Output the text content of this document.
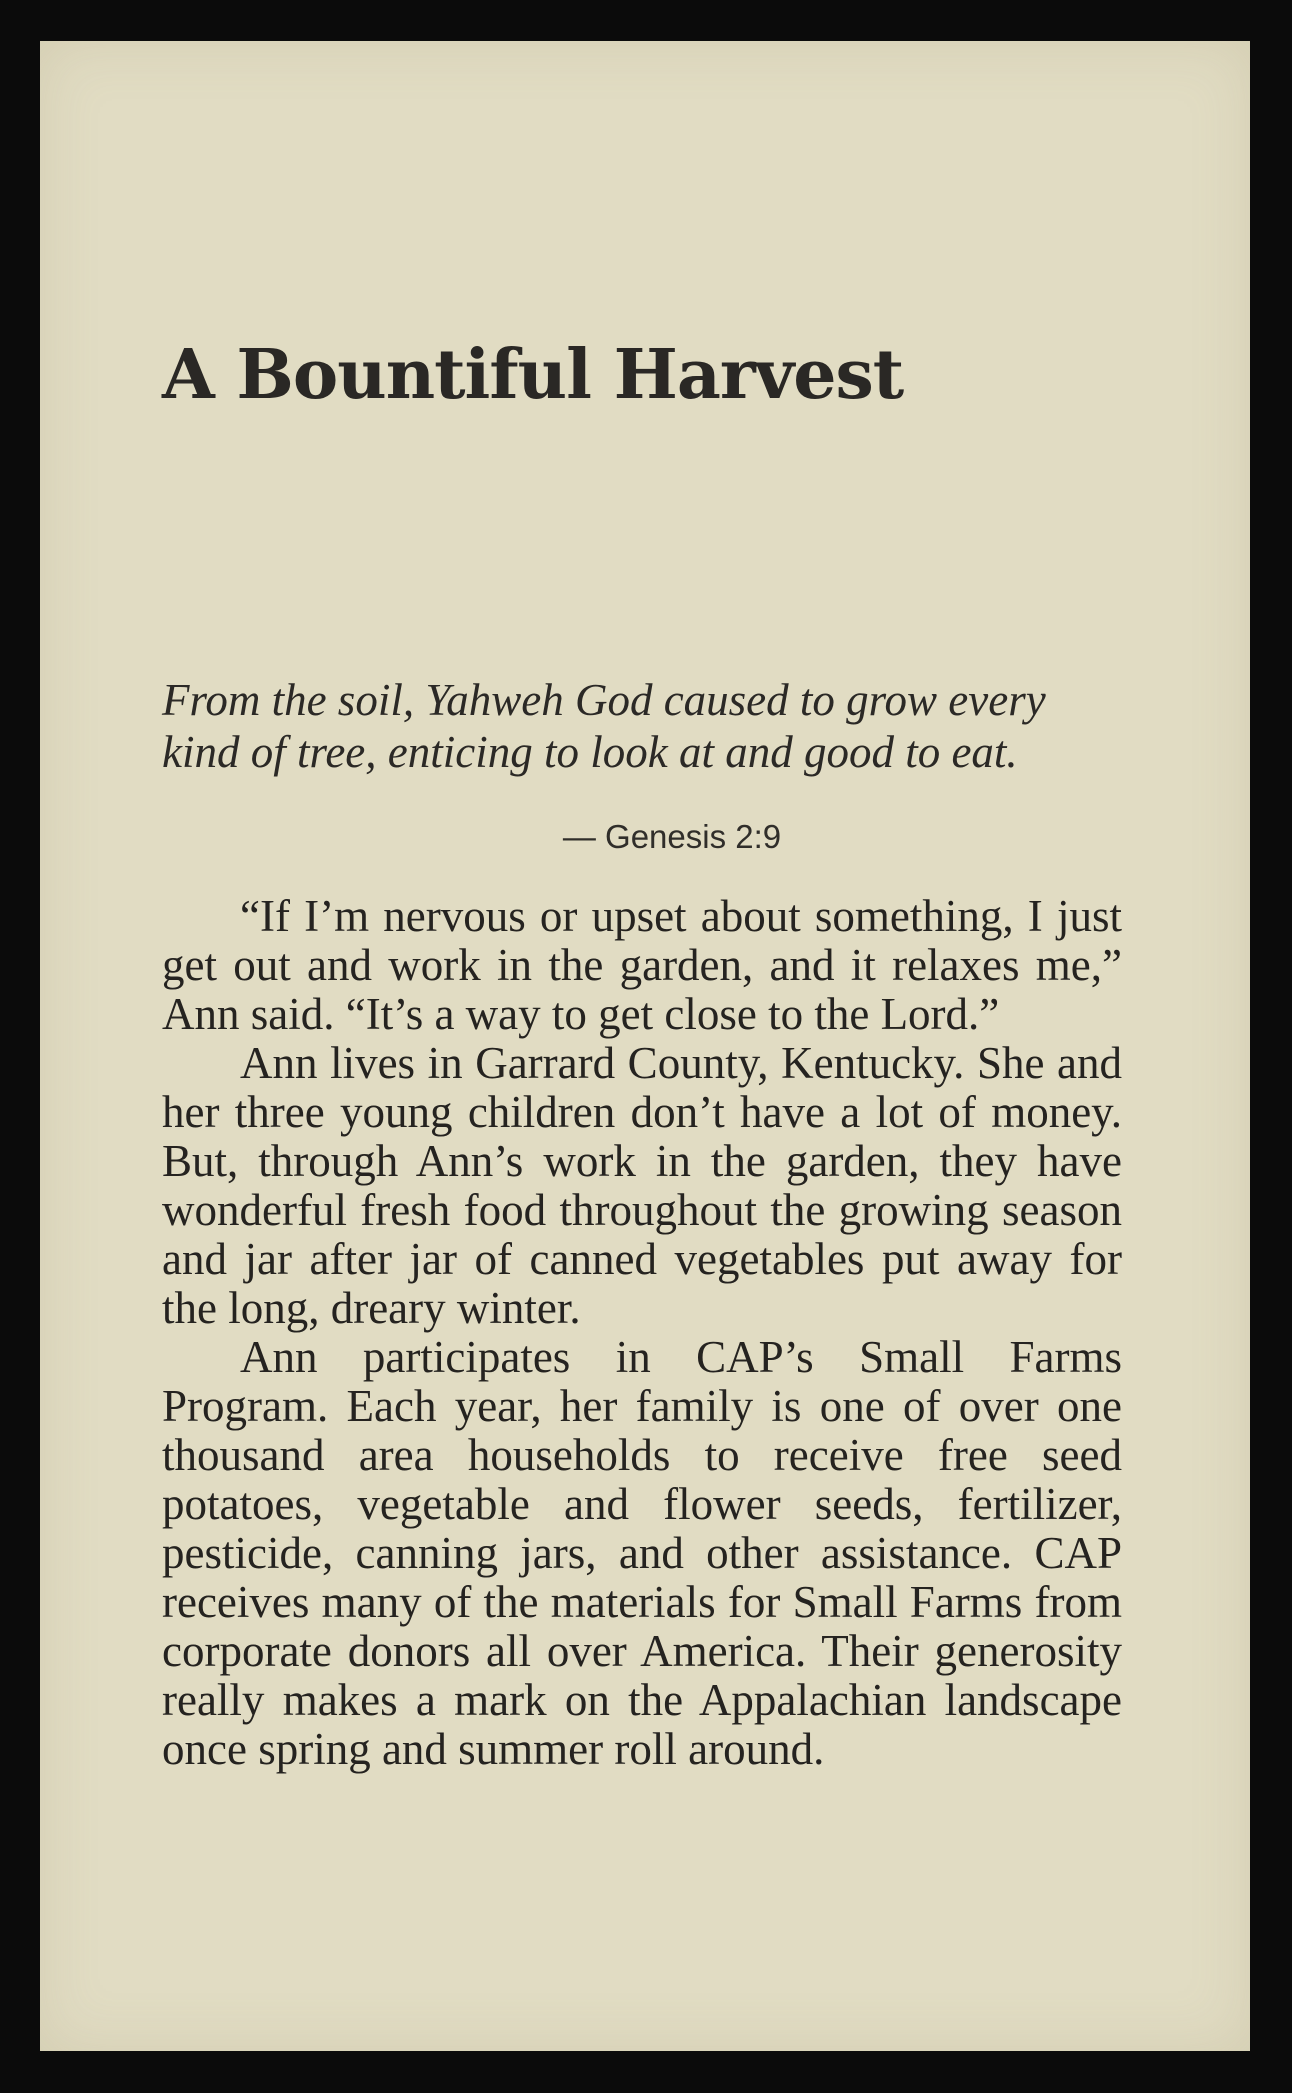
A Bountiful Harvest
From the soil, Yahweh God caused to grow every kind of tree, enticing to look at and good to eat.
— Genesis 2:9

“If I’m nervous or upset about something, I just get out and work in the garden, and it relaxes me,” Ann said. “It’s a way to get close to the Lord.”

Ann lives in Garrard County, Kentucky. She and her three young children don’t have a lot of money. But, through Ann’s work in the garden, they have wonderful fresh food throughout the growing season and jar after jar of canned vegetables put away for the long, dreary winter.

Ann participates in CAP’s Small Farms Program. Each year, her family is one of over one thousand area households to receive free seed potatoes, vegetable and flower seeds, fertilizer, pesticide, canning jars, and other assistance. CAP receives many of the materials for Small Farms from corporate donors all over America. Their generosity really makes a mark on the Appalachian landscape once spring and summer roll around.
